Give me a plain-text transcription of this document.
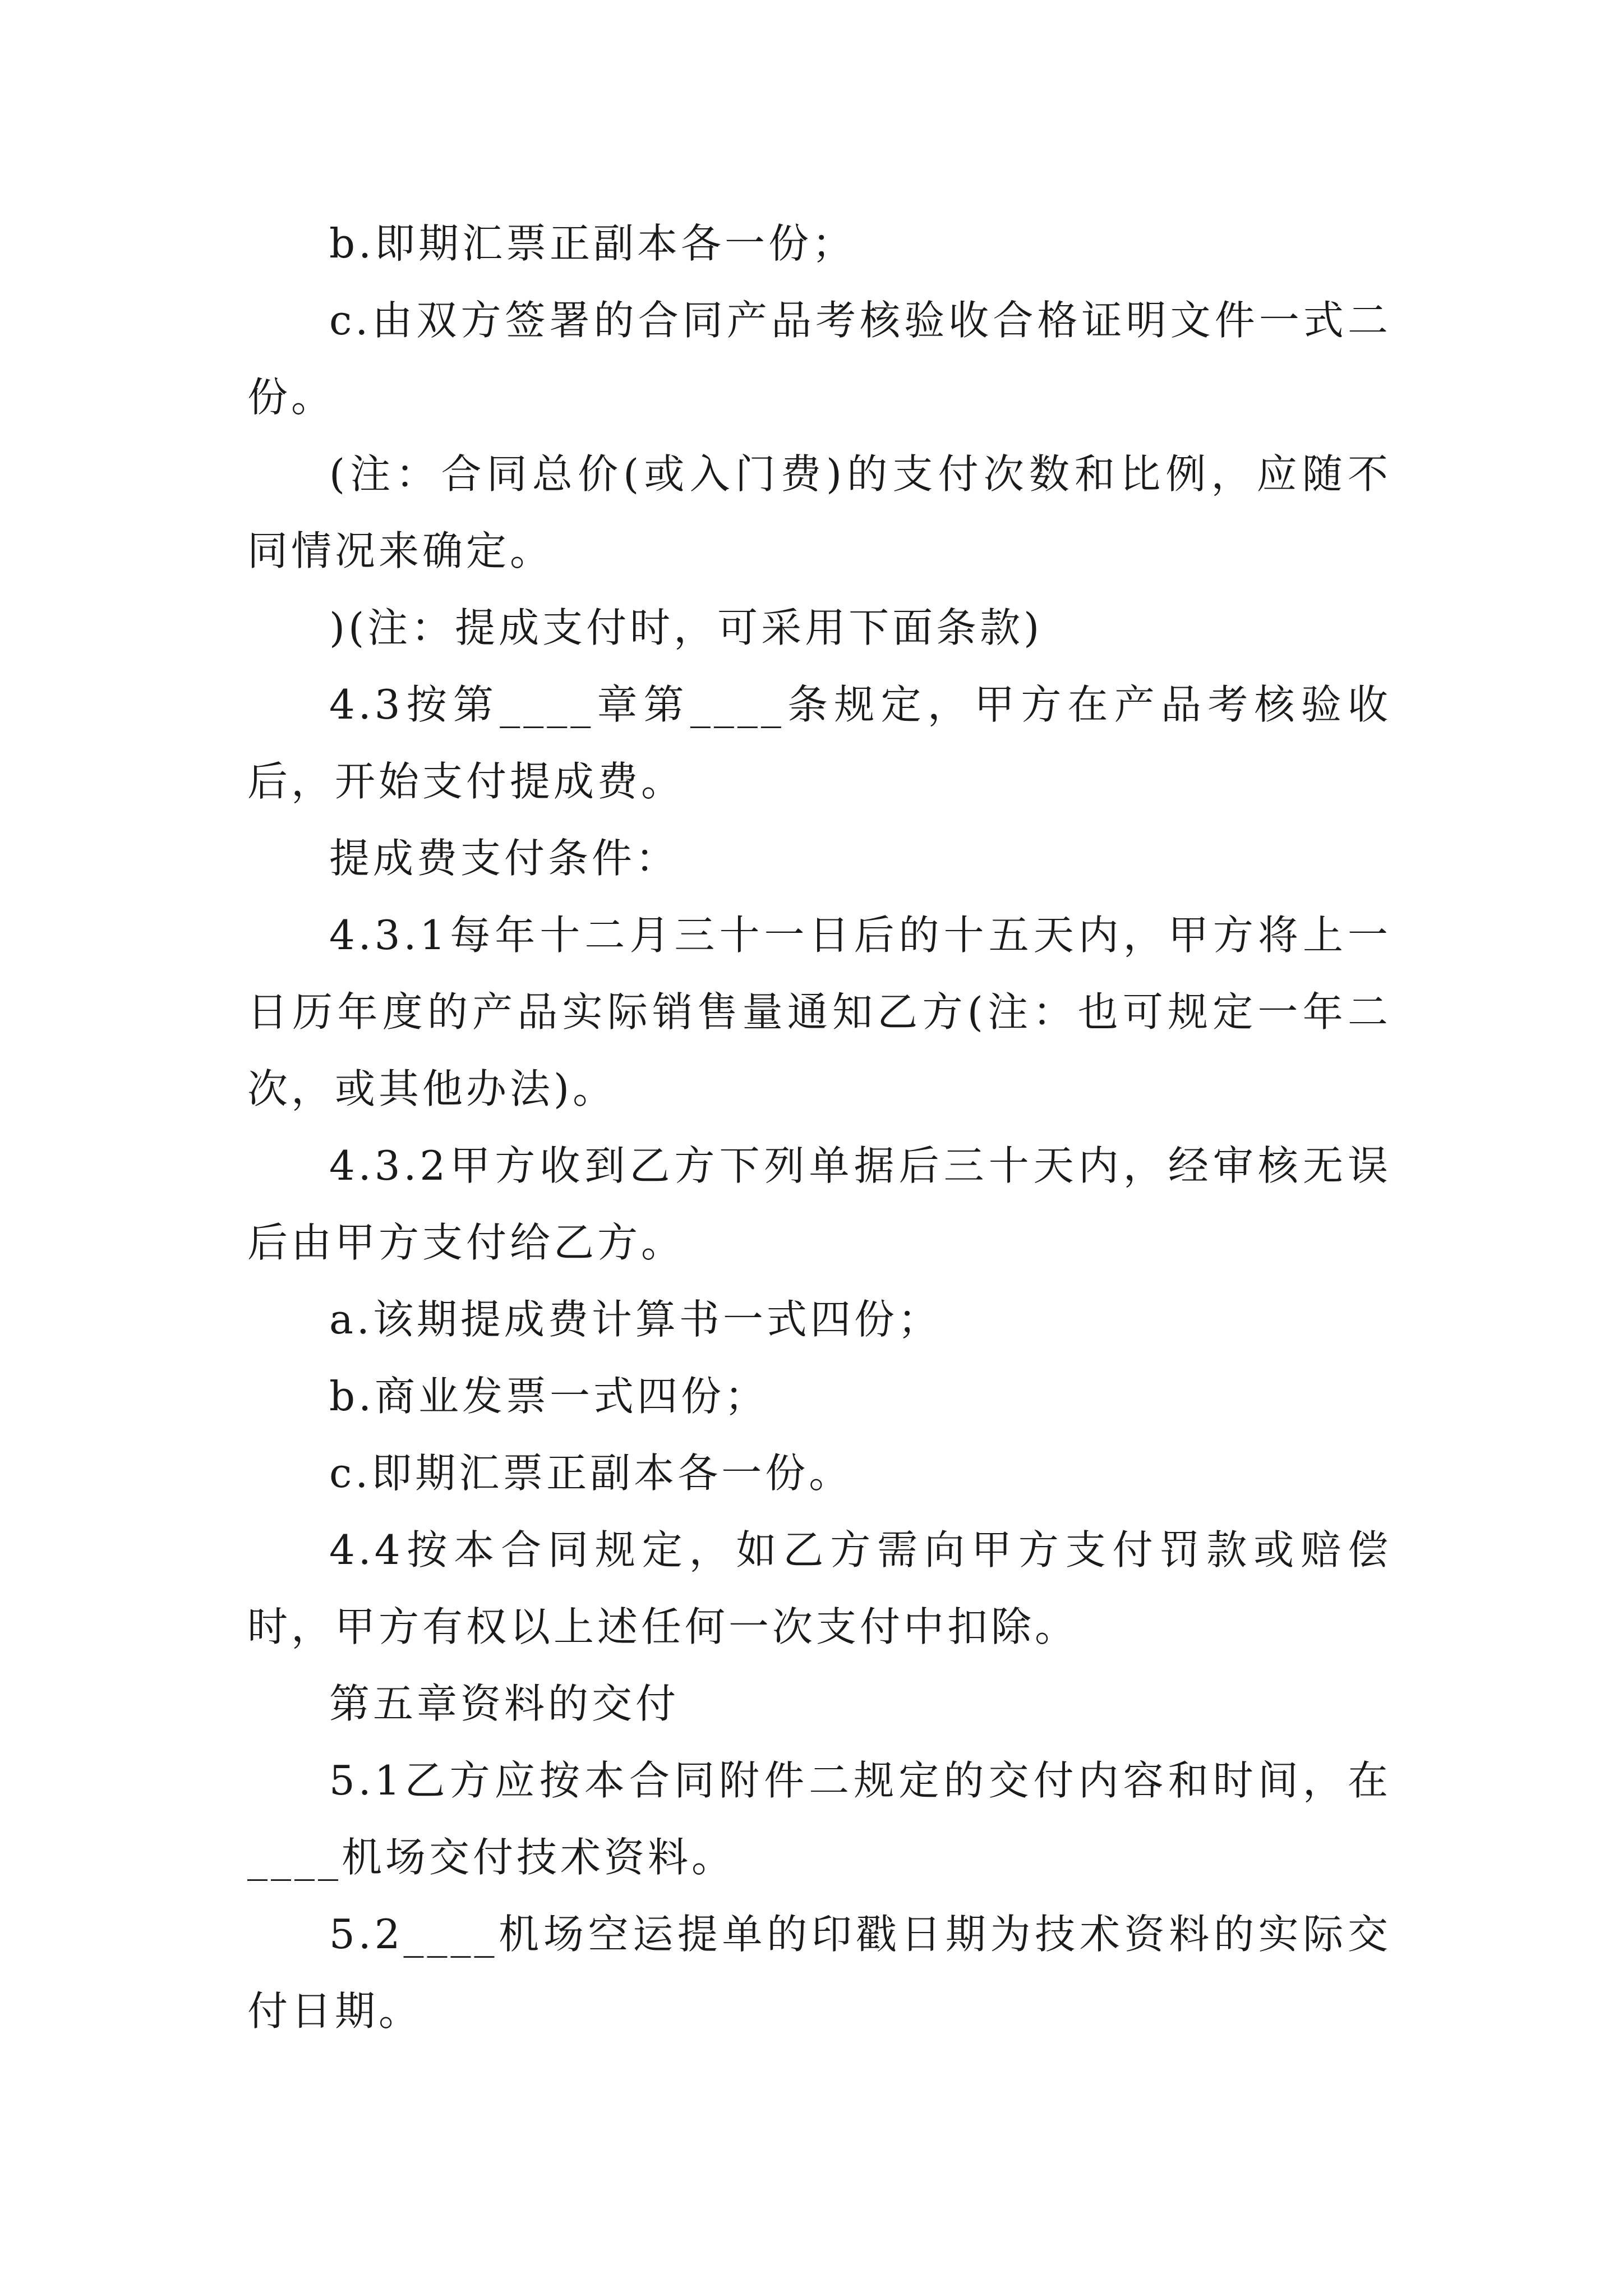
b.即期汇票正副本各一份；

c.由双方签署的合同产品考核验收合格证明文件一式二份。

(注：合同总价(或入门费)的支付次数和比例，应随不同情况来确定。

)(注：提成支付时，可采用下面条款)

4.3按第____章第____条规定，甲方在产品考核验收后，开始支付提成费。

提成费支付条件：

4.3.1每年十二月三十一日后的十五天内，甲方将上一日历年度的产品实际销售量通知乙方(注：也可规定一年二次，或其他办法)。

4.3.2甲方收到乙方下列单据后三十天内，经审核无误后由甲方支付给乙方。

a.该期提成费计算书一式四份；

b.商业发票一式四份；

c.即期汇票正副本各一份。

4.4按本合同规定，如乙方需向甲方支付罚款或赔偿时，甲方有权以上述任何一次支付中扣除。

第五章资料的交付

5.1乙方应按本合同附件二规定的交付内容和时间，在____机场交付技术资料。

5.2____机场空运提单的印戳日期为技术资料的实际交付日期。
